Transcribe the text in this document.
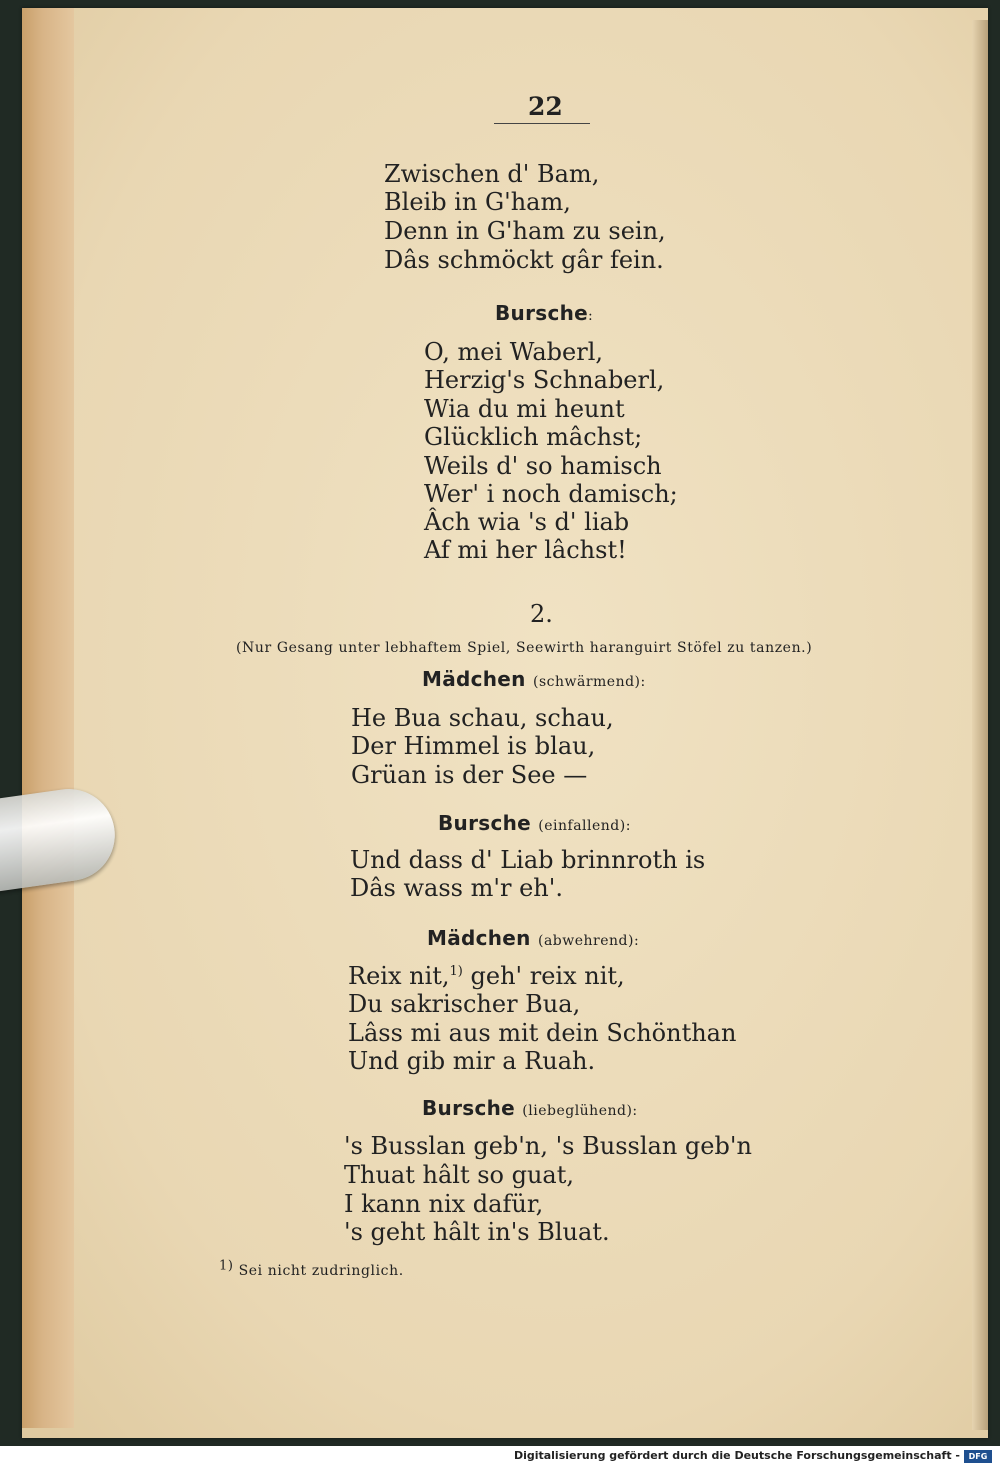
22
Zwischen d' Bam,
Bleib in G'ham,
Denn in G'ham zu sein,
Dâs schmöckt gâr fein.
Bursche:
O, mei Waberl,
Herzig's Schnaberl,
Wia du mi heunt
Glücklich mâchst;
Weils d' so hamisch
Wer' i noch damisch;
Âch wia 's d' liab
Af mi her lâchst!
2.
(Nur Gesang unter lebhaftem Spiel, Seewirth haranguirt Stöfel zu tanzen.)
Mädchen (schwärmend):
He Bua schau, schau,
Der Himmel is blau,
Grüan is der See —
Bursche (einfallend):
Und dass d' Liab brinnroth is
Dâs wass m'r eh'.
Mädchen (abwehrend):
Reix nit,$^{1)}$ geh' reix nit,
Du sakrischer Bua,
Lâss mi aus mit dein Schönthan
Und gib mir a Ruah.
Bursche (liebeglühend):
's Busslan geb'n, 's Busslan geb'n
Thuat hâlt so guat,
I kann nix dafür,
's geht hâlt in's Bluat.
1) Sei nicht zudringlich.
Digitalisierung gefördert durch die Deutsche Forschungsgemeinschaft -	DFG
